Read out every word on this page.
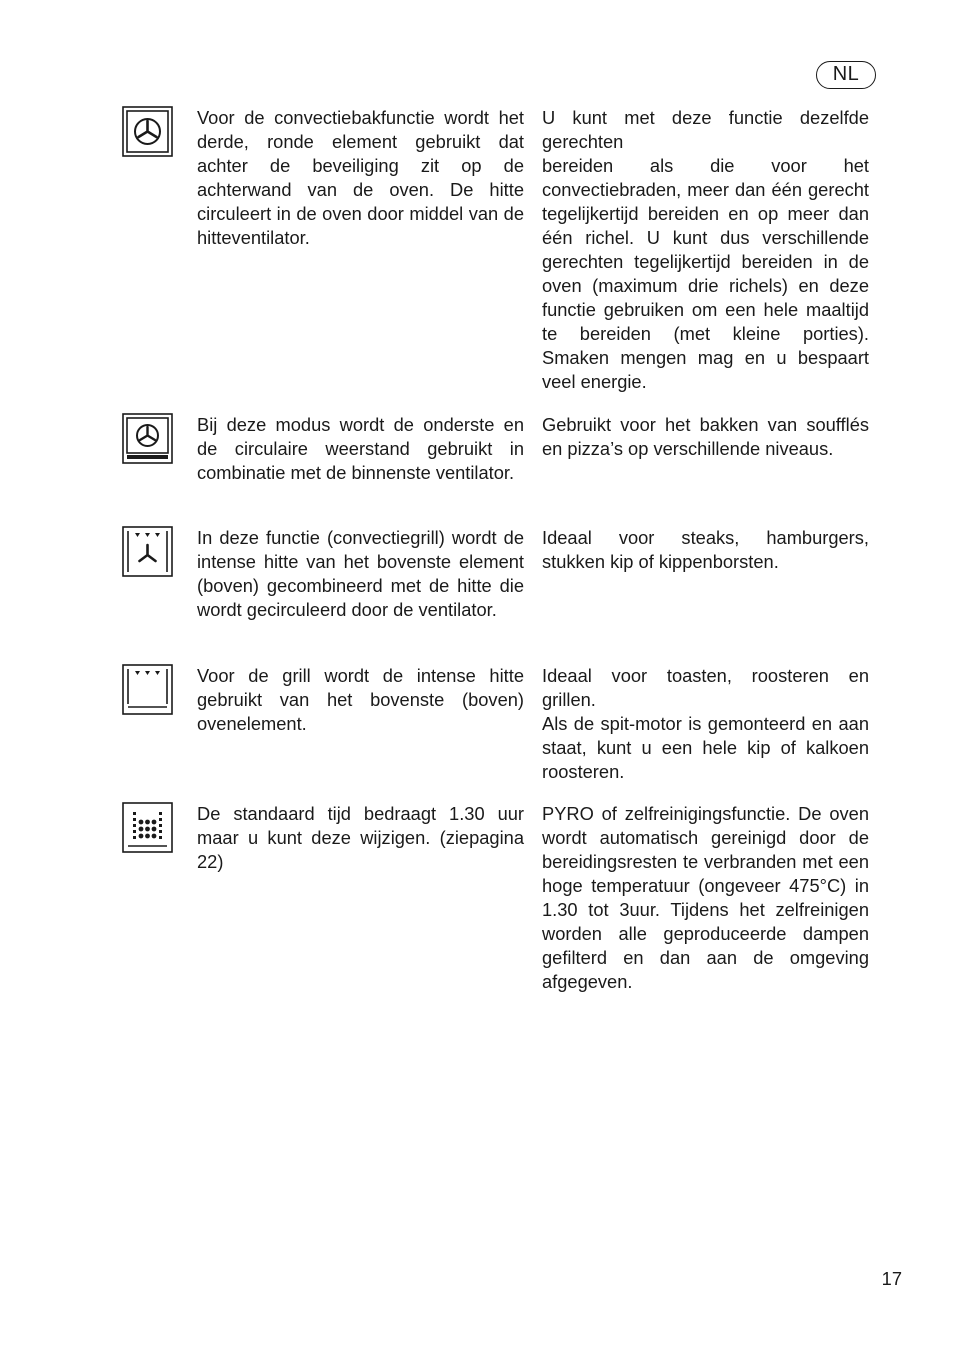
NL
Voor de convectiebakfunctie wordt het derde, ronde element gebruikt dat achter de beveiliging zit op de achterwand van de oven. De hitte circuleert in de oven door middel van de hitteventilator.
U kunt met deze functie dezelfde gerechten
bereiden als die voor het convectiebraden, meer dan één gerecht tegelijkertijd bereiden en op meer dan één richel. U kunt dus verschillende gerechten tegelijkertijd bereiden in de oven (maximum drie richels) en deze functie gebruiken om een hele maaltijd te bereiden (met kleine porties). Smaken mengen mag en u bespaart veel energie.
Bij deze modus wordt de onderste en de circulaire weerstand gebruikt in combinatie met de binnenste ventilator.
Gebruikt voor het bakken van soufflés en pizza’s op verschillende niveaus.
In deze functie (convectiegrill) wordt de intense hitte van het bovenste element (boven) gecombineerd met de hitte die wordt gecirculeerd door de ventilator.
Ideaal voor steaks, hamburgers, stukken kip of kippenborsten.
Voor de grill wordt de intense hitte gebruikt van het bovenste (boven) ovenelement.
Ideaal voor toasten, roosteren en grillen.
Als de spit-motor is gemonteerd en aan staat, kunt u een hele kip of kalkoen roosteren.
De standaard tijd bedraagt 1.30 uur maar u kunt deze wijzigen. (ziepagina 22)
PYRO of zelfreinigingsfunctie. De oven wordt automatisch gereinigd door de bereidingsresten te verbranden met een hoge temperatuur (ongeveer 475°C) in 1.30 tot 3uur. Tijdens het zelfreinigen worden alle geproduceerde dampen gefilterd en dan aan de omgeving afgegeven.
17
